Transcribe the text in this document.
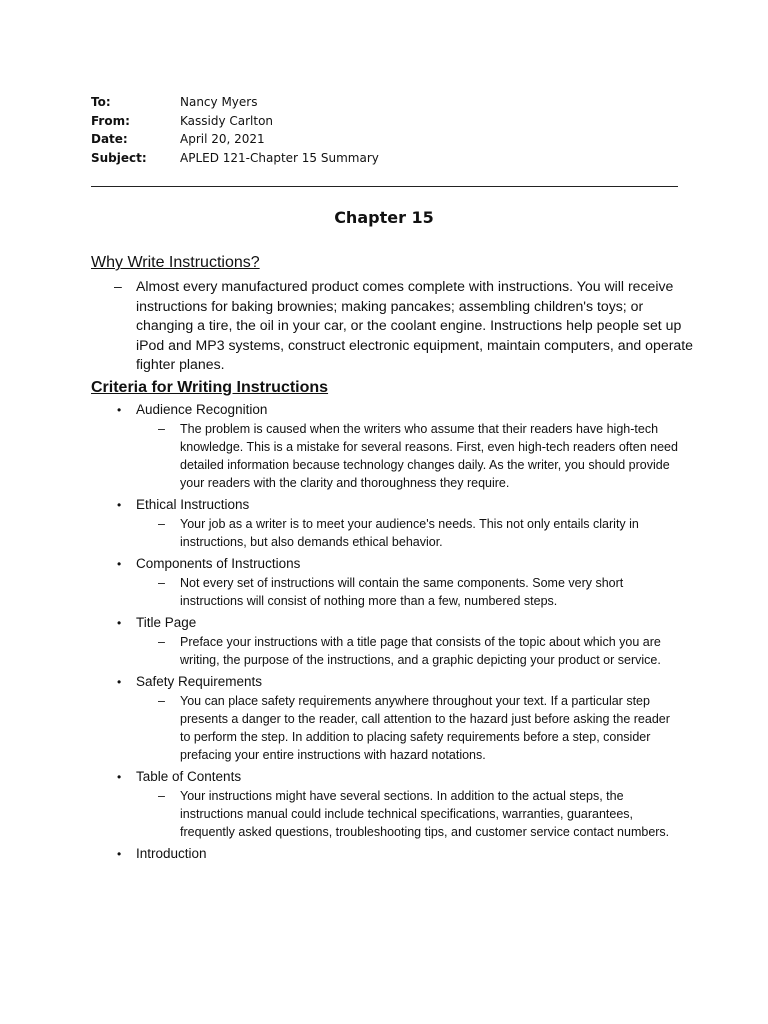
To:	Nancy Myers
From:	Kassidy Carlton
Date:	April 20, 2021
Subject:	APLED 121-Chapter 15 Summary
Chapter 15
Why Write Instructions?
– Almost every manufactured product comes complete with instructions. You will receive instructions for baking brownies; making pancakes; assembling children's toys; or changing a tire, the oil in your car, or the coolant engine. Instructions help people set up iPod and MP3 systems, construct electronic equipment, maintain computers, and operate fighter planes.
Criteria for Writing Instructions
• Audience Recognition
– The problem is caused when the writers who assume that their readers have high-tech knowledge. This is a mistake for several reasons. First, even high-tech readers often need detailed information because technology changes daily. As the writer, you should provide your readers with the clarity and thoroughness they require.
• Ethical Instructions
– Your job as a writer is to meet your audience's needs. This not only entails clarity in instructions, but also demands ethical behavior.
• Components of Instructions
– Not every set of instructions will contain the same components. Some very short instructions will consist of nothing more than a few, numbered steps.
• Title Page
– Preface your instructions with a title page that consists of the topic about which you are writing, the purpose of the instructions, and a graphic depicting your product or service.
• Safety Requirements
– You can place safety requirements anywhere throughout your text. If a particular step presents a danger to the reader, call attention to the hazard just before asking the reader to perform the step. In addition to placing safety requirements before a step, consider prefacing your entire instructions with hazard notations.
• Table of Contents
– Your instructions might have several sections. In addition to the actual steps, the instructions manual could include technical specifications, warranties, guarantees, frequently asked questions, troubleshooting tips, and customer service contact numbers.
• Introduction
